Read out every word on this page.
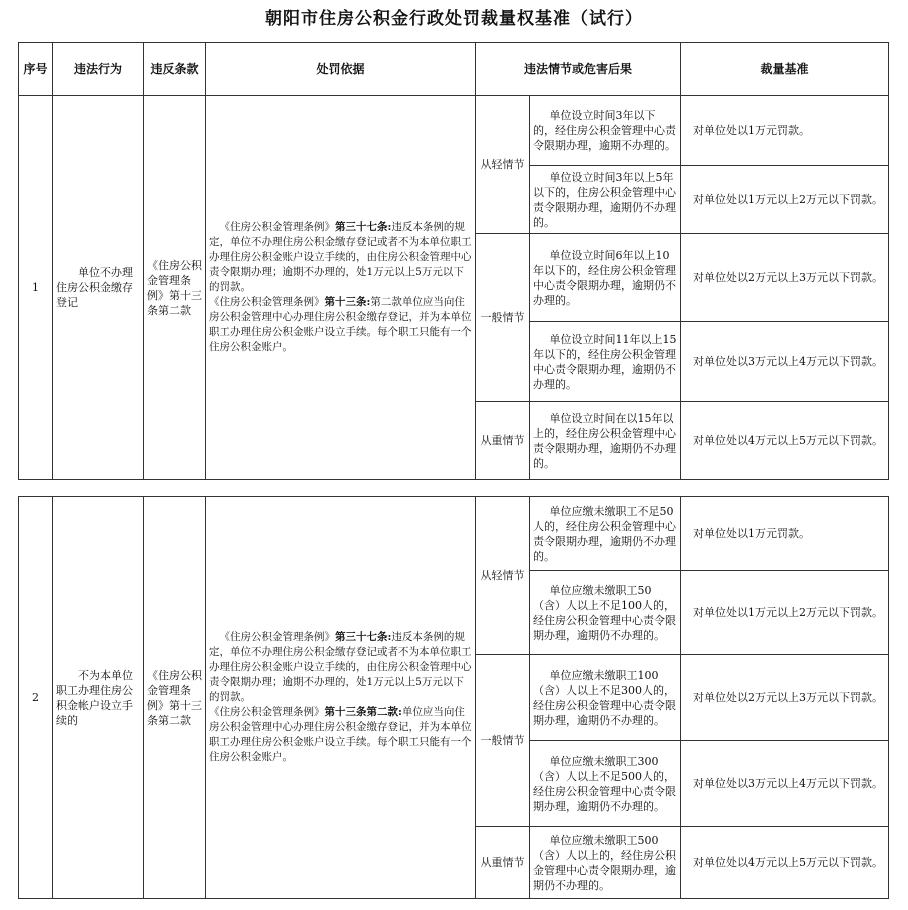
朝阳市住房公积金行政处罚裁量权基准（试行）
序号	违法行为	违反条款	处罚依据	违法情节或危害后果		裁量基准
1	单位不办理住房公积金缴存登记	《住房公积金管理条例》第十三条第二款	《住房公积金管理条例》第三十七条:违反本条例的规定，单位不办理住房公积金缴存登记或者不为本单位职工办理住房公积金账户设立手续的，由住房公积金管理中心责令限期办理；逾期不办理的，处1万元以上5万元以下的罚款。
《住房公积金管理条例》第十三条:第二款单位应当向住房公积金管理中心办理住房公积金缴存登记，并为本单位职工办理住房公积金账户设立手续。每个职工只能有一个住房公积金账户。	从轻情节	单位设立时间3年以下的，经住房公积金管理中心责令限期办理，逾期不办理的。	对单位处以1万元罚款。
					单位设立时间3年以上5年以下的，住房公积金管理中心责令限期办理，逾期仍不办理的。	对单位处以1万元以上2万元以下罚款。
				一般情节	单位设立时间6年以上10年以下的，经住房公积金管理中心责令限期办理，逾期仍不办理的。	对单位处以2万元以上3万元以下罚款。
					单位设立时间11年以上15年以下的，经住房公积金管理中心责令限期办理，逾期仍不办理的。	对单位处以3万元以上4万元以下罚款。
				从重情节	单位设立时间在以15年以上的，经住房公积金管理中心责令限期办理，逾期仍不办理的。	对单位处以4万元以上5万元以下罚款。
2	不为本单位职工办理住房公积金帐户设立手续的	《住房公积金管理条例》第十三条第二款	《住房公积金管理条例》第三十七条:违反本条例的规定，单位不办理住房公积金缴存登记或者不为本单位职工办理住房公积金账户设立手续的，由住房公积金管理中心责令限期办理；逾期不办理的，处1万元以上5万元以下的罚款。
《住房公积金管理条例》第十三条第二款:单位应当向住房公积金管理中心办理住房公积金缴存登记，并为本单位职工办理住房公积金账户设立手续。每个职工只能有一个住房公积金账户。	从轻情节	单位应缴未缴职工不足50人的，经住房公积金管理中心责令限期办理，逾期仍不办理的。	对单位处以1万元罚款。
					单位应缴未缴职工50（含）人以上不足100人的，经住房公积金管理中心责令限期办理，逾期仍不办理的。	对单位处以1万元以上2万元以下罚款。
				一般情节	单位应缴未缴职工100（含）人以上不足300人的，经住房公积金管理中心责令限期办理，逾期仍不办理的。	对单位处以2万元以上3万元以下罚款。
					单位应缴未缴职工300（含）人以上不足500人的，经住房公积金管理中心责令限期办理，逾期仍不办理的。	对单位处以3万元以上4万元以下罚款。
				从重情节	单位应缴未缴职工500（含）人以上的，经住房公积金管理中心责令限期办理，逾期仍不办理的。	对单位处以4万元以上5万元以下罚款。
